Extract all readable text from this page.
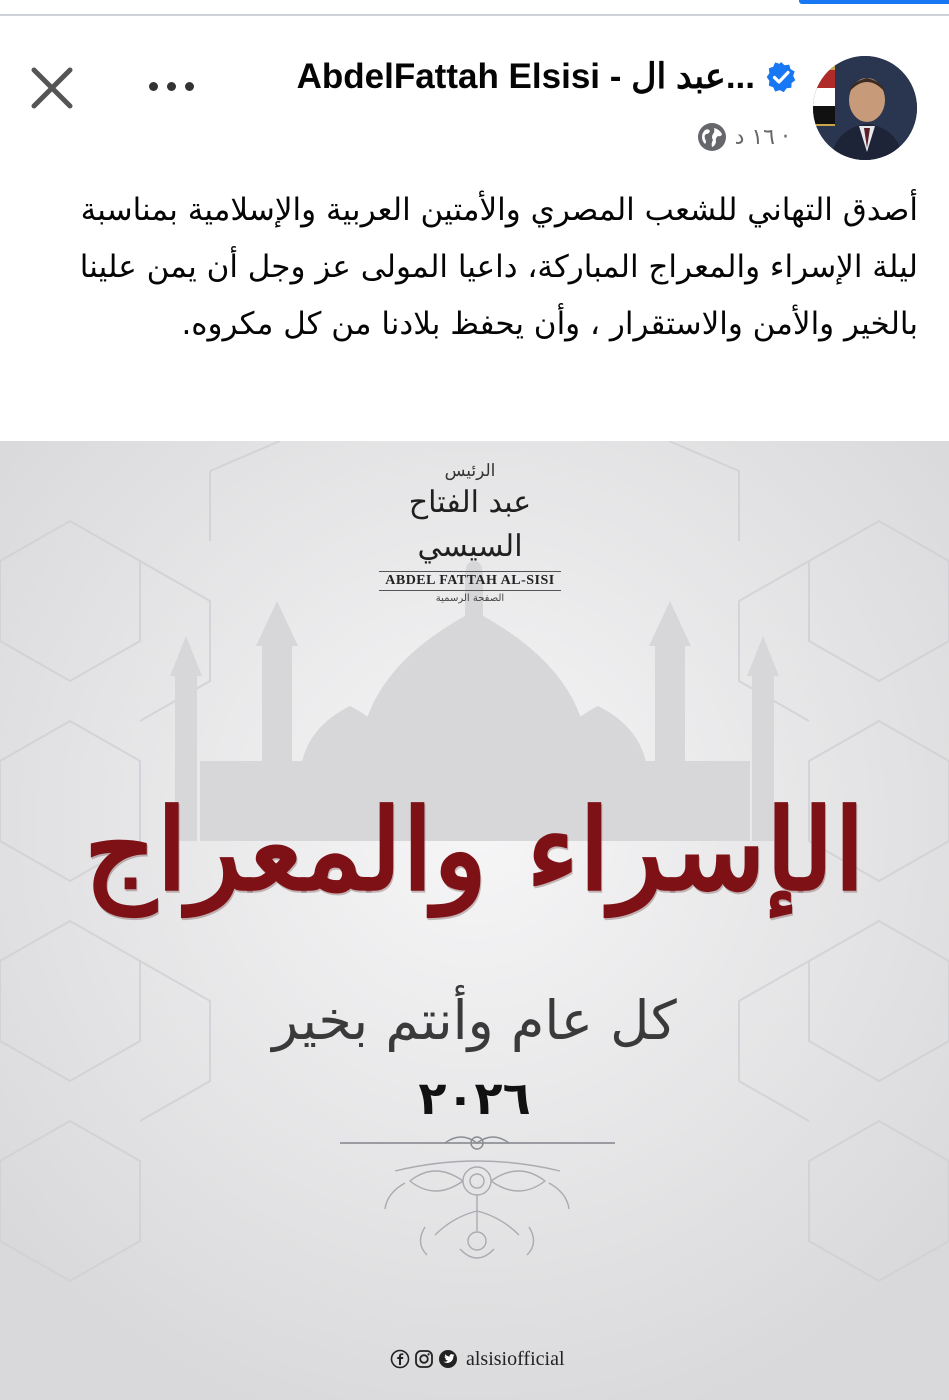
AbdelFattah Elsisi - عبد ال...
١٦ د ·

أصدق التهاني للشعب المصري والأمتين العربية والإسلامية بمناسبة ليلة الإسراء والمعراج المباركة، داعيا المولى عز وجل أن يمن علينا بالخير والأمن والاستقرار ، وأن يحفظ بلادنا من كل مكروه.

الرئيس
عبد الفتاح السيسي
ABDEL FATTAH AL-SISI
الصفحة الرسمية
الإسراء والمعراج
كل عام وأنتم بخير
٢٠٢٦
alsisiofficial
